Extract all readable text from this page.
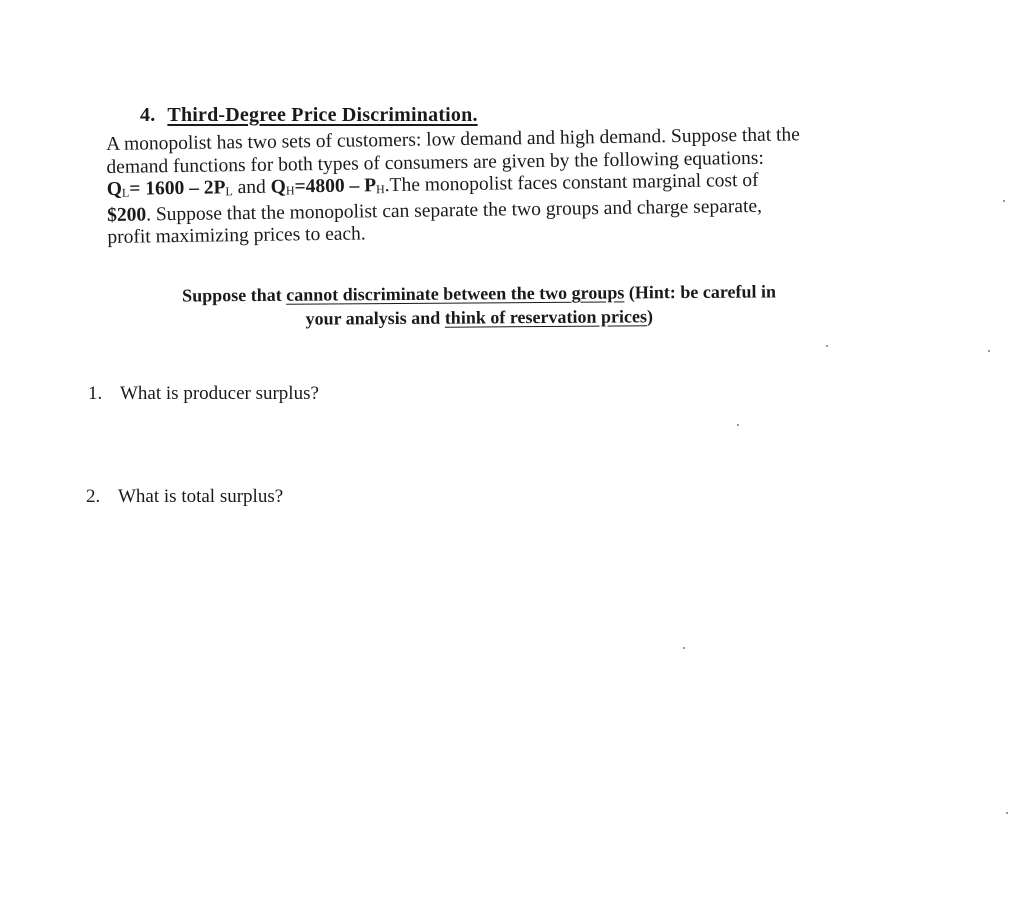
4. Third-Degree Price Discrimination.
A monopolist has two sets of customers: low demand and high demand. Suppose that the
demand functions for both types of consumers are given by the following equations:
$Q_L= 1600 - 2P_L$ and $Q_H=4800 - P_H.The$ monopolist faces constant marginal cost of
$200. Suppose that the monopolist can separate the two groups and charge separate,
profit maximizing prices to each.
Suppose that cannot discriminate between the two groups (Hint: be careful in
your analysis and think of reservation prices)
1. What is producer surplus?
2. What is total surplus?
